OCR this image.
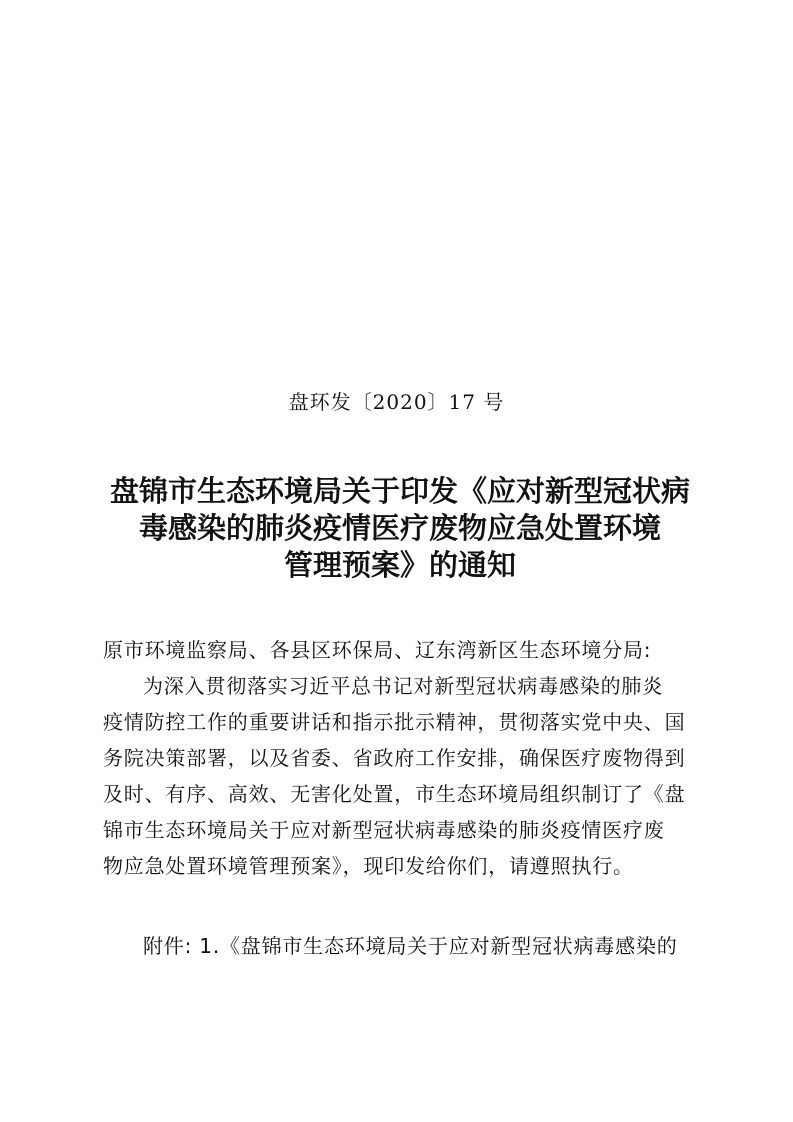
盘环发〔2020〕17 号

盘锦市生态环境局关于印发《应对新型冠状病
毒感染的肺炎疫情医疗废物应急处置环境
管理预案》的通知

原市环境监察局、各县区环保局、辽东湾新区生态环境分局:

为深入贯彻落实习近平总书记对新型冠状病毒感染的肺炎
疫情防控工作的重要讲话和指示批示精神，贯彻落实党中央、国
务院决策部署，以及省委、省政府工作安排，确保医疗废物得到
及时、有序、高效、无害化处置，市生态环境局组织制订了《盘
锦市生态环境局关于应对新型冠状病毒感染的肺炎疫情医疗废
物应急处置环境管理预案》，现印发给你们，请遵照执行。

附件: 1.《盘锦市生态环境局关于应对新型冠状病毒感染的
